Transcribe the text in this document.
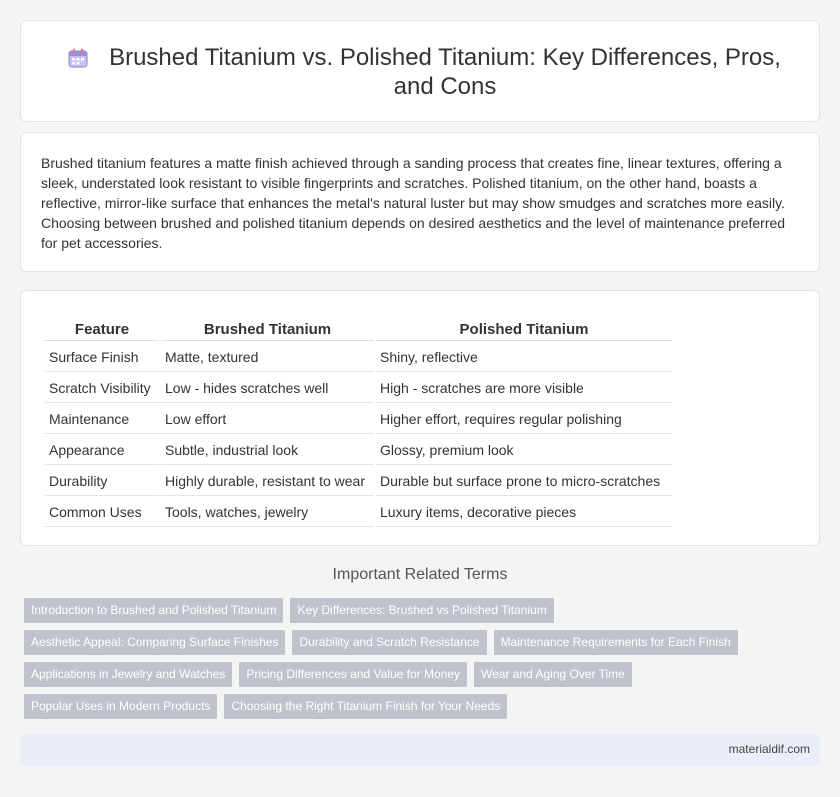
Brushed Titanium vs. Polished Titanium: Key Differences, Pros, and Cons

Brushed titanium features a matte finish achieved through a sanding process that creates fine, linear textures, offering a sleek, understated look resistant to visible fingerprints and scratches. Polished titanium, on the other hand, boasts a reflective, mirror-like surface that enhances the metal's natural luster but may show smudges and scratches more easily. Choosing between brushed and polished titanium depends on desired aesthetics and the level of maintenance preferred for pet accessories.

Feature	Brushed Titanium	Polished Titanium
Surface Finish	Matte, textured	Shiny, reflective
Scratch Visibility	Low - hides scratches well	High - scratches are more visible
Maintenance	Low effort	Higher effort, requires regular polishing
Appearance	Subtle, industrial look	Glossy, premium look
Durability	Highly durable, resistant to wear	Durable but surface prone to micro-scratches
Common Uses	Tools, watches, jewelry	Luxury items, decorative pieces
Important Related Terms
Introduction to Brushed and Polished Titanium	Key Differences: Brushed vs Polished Titanium
Aesthetic Appeal: Comparing Surface Finishes	Durability and Scratch Resistance	Maintenance Requirements for Each Finish
Applications in Jewelry and Watches	Pricing Differences and Value for Money	Wear and Aging Over Time
Popular Uses in Modern Products	Choosing the Right Titanium Finish for Your Needs
materialdif.com
